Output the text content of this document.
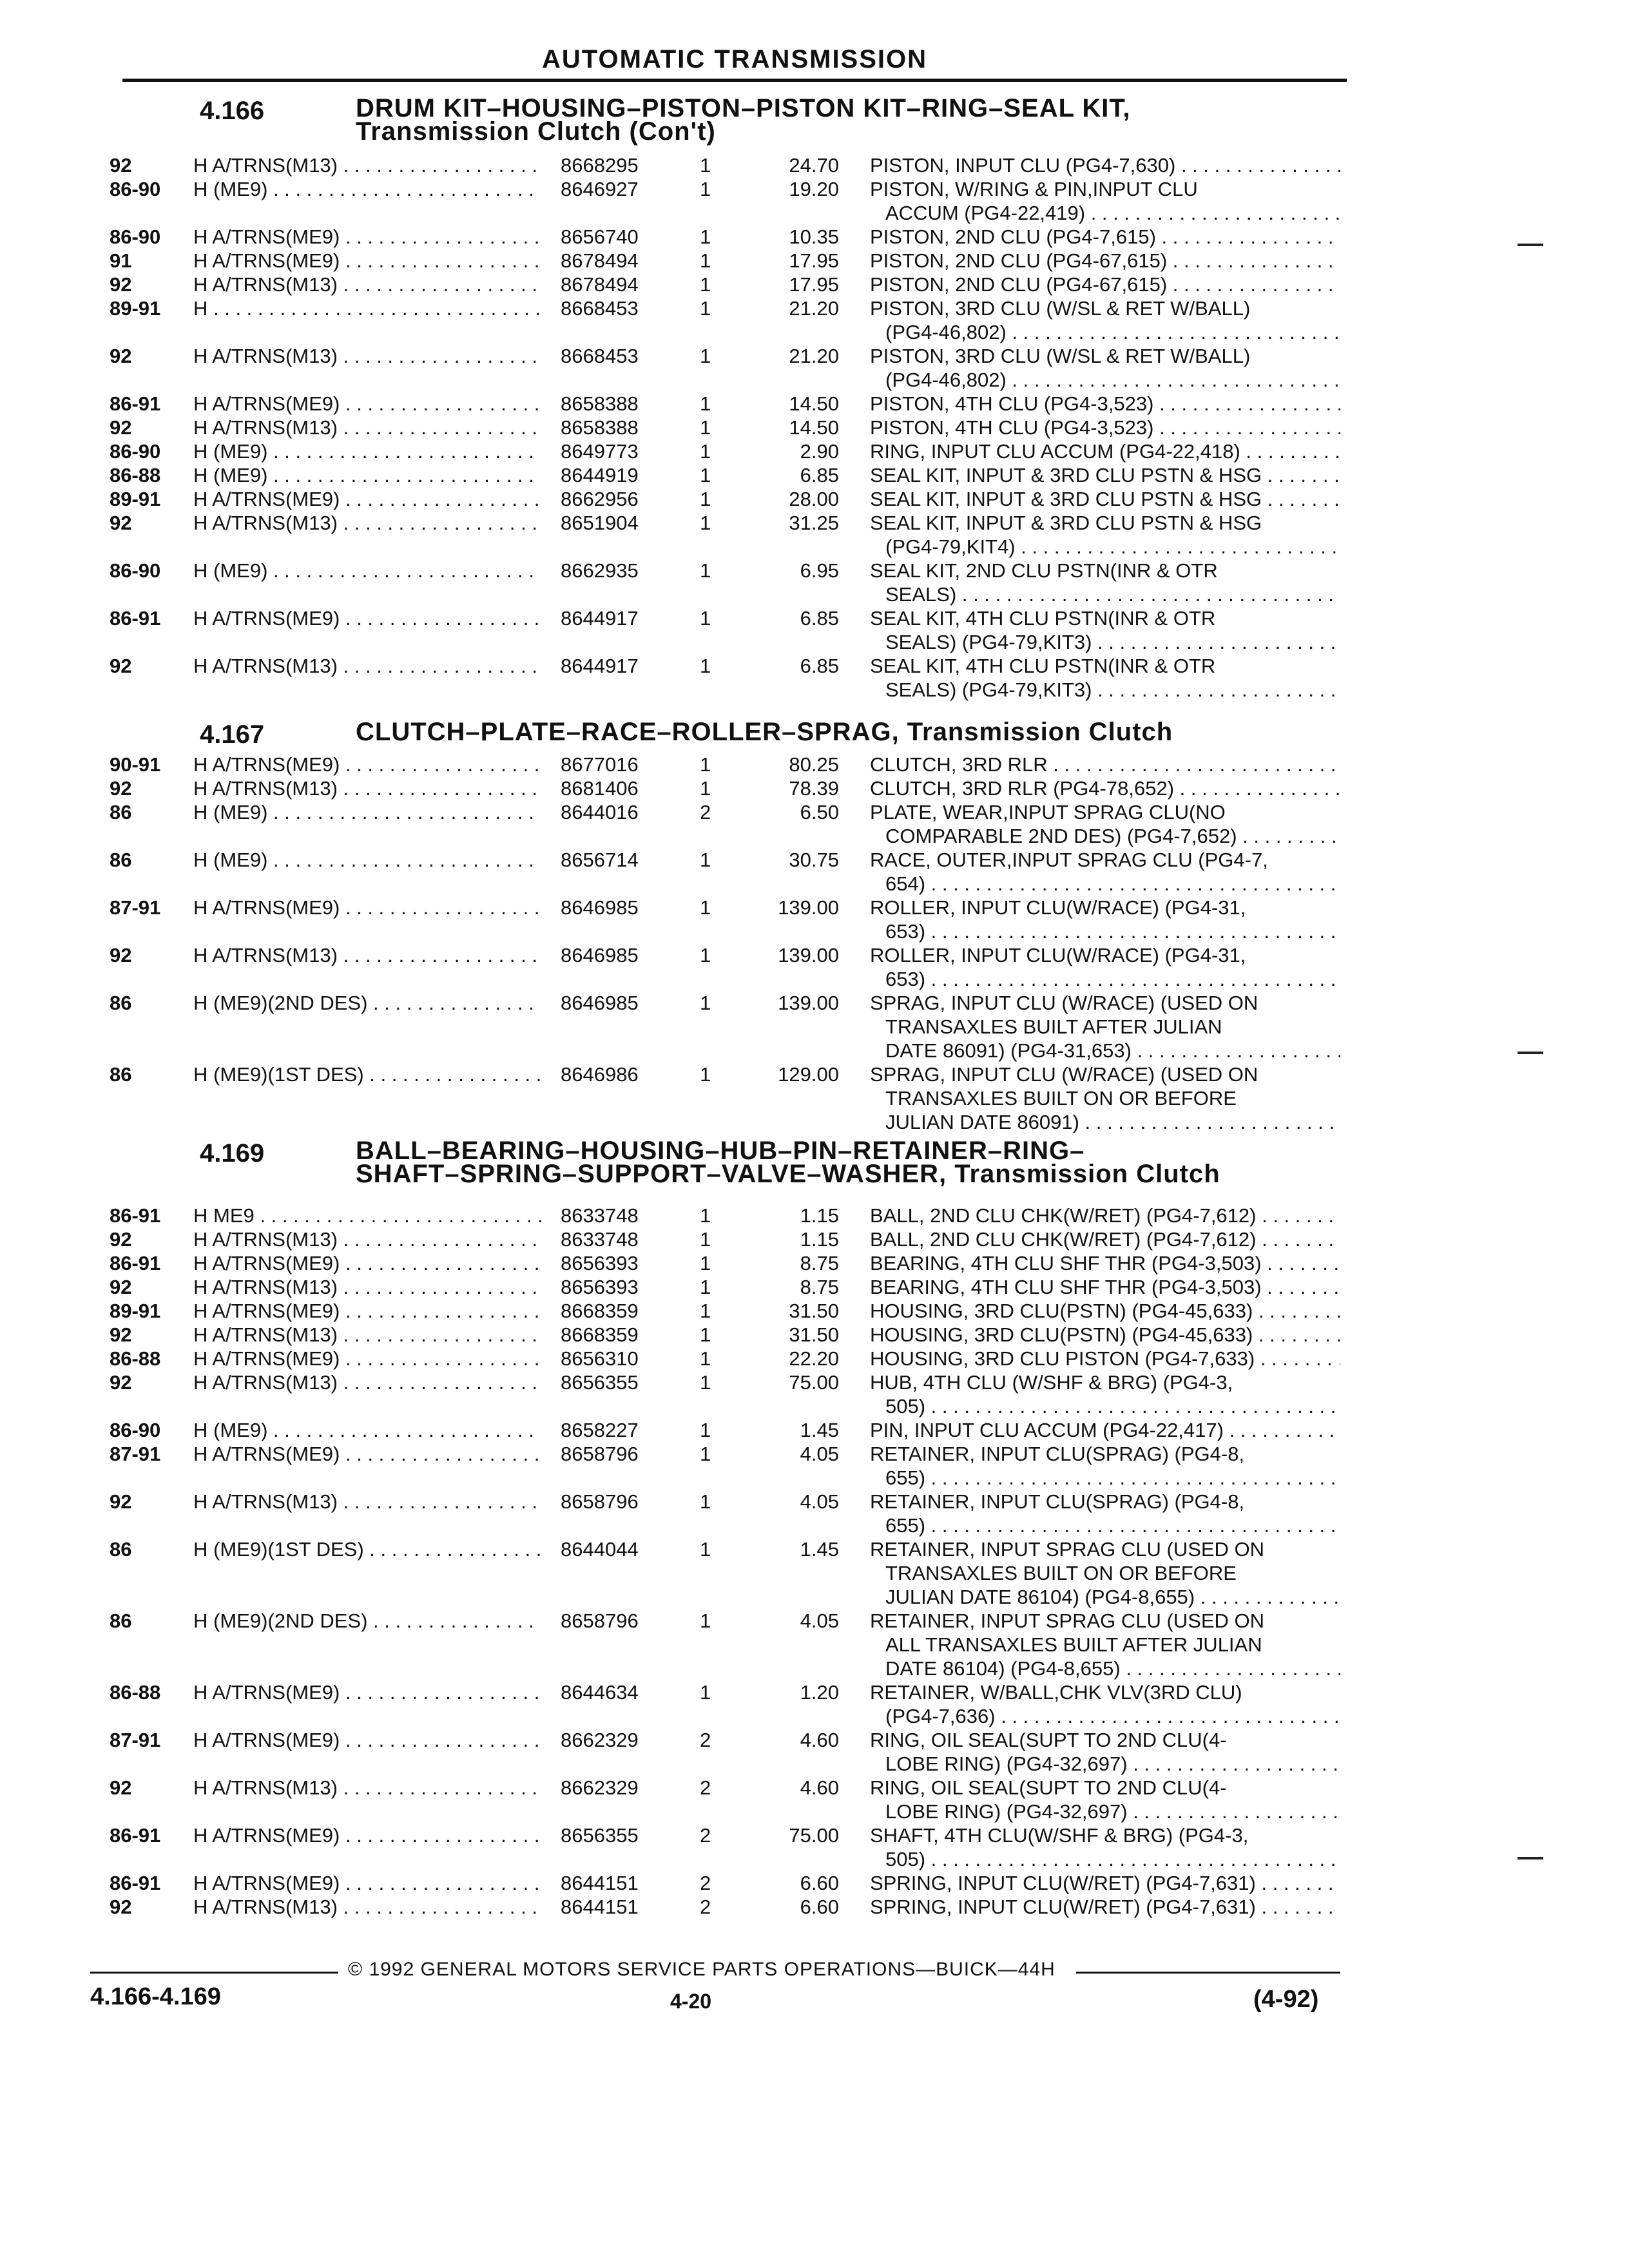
AUTOMATIC TRANSMISSION
4.166	DRUM KIT–HOUSING–PISTON–PISTON KIT–RING–SEAL KIT,
Transmission Clutch (Con't)
92	H A/TRNS(M13) . . .	8668295	1	24.70 PISTON, INPUT CLU (PG4-7,630) . . .
86-90 H (ME9) . . .	8646927	1	19.20 PISTON, W/RING & PIN,INPUT CLU
ACCUM (PG4-22,419) . . .
86-90 H A/TRNS(ME9) . . .	8656740	1	10.35 PISTON, 2ND CLU (PG4-7,615) . . .
91	H A/TRNS(ME9) . . .	8678494	1	17.95 PISTON, 2ND CLU (PG4-67,615) . . .
92	H A/TRNS(M13) . . .	8678494	1	17.95 PISTON, 2ND CLU (PG4-67,615) . . .
89-91 H . . .	8668453	1	21.20 PISTON, 3RD CLU (W/SL & RET W/BALL)
(PG4-46,802) . . .
92	H A/TRNS(M13) . . .	8668453	1	21.20 PISTON, 3RD CLU (W/SL & RET W/BALL)
(PG4-46,802) . . .
86-91 H A/TRNS(ME9) . . .	8658388	1	14.50 PISTON, 4TH CLU (PG4-3,523) . . .
92	H A/TRNS(M13) . . .	8658388	1	14.50 PISTON, 4TH CLU (PG4-3,523) . . .
86-90 H (ME9) . . .	8649773	1	2.90 RING, INPUT CLU ACCUM (PG4-22,418) . . .
86-88 H (ME9) . . .	8644919	1	6.85 SEAL KIT, INPUT & 3RD CLU PSTN & HSG . . .
89-91 H A/TRNS(ME9) . . .	8662956	1	28.00 SEAL KIT, INPUT & 3RD CLU PSTN & HSG . . .
92	H A/TRNS(M13) . . .	8651904	1	31.25 SEAL KIT, INPUT & 3RD CLU PSTN & HSG
(PG4-79,KIT4) . . .
86-90 H (ME9) . . .	8662935	1	6.95 SEAL KIT, 2ND CLU PSTN(INR & OTR
SEALS) . . .
86-91 H A/TRNS(ME9) . . .	8644917	1	6.85 SEAL KIT, 4TH CLU PSTN(INR & OTR
SEALS) (PG4-79,KIT3) . . .
92	H A/TRNS(M13) . . .	8644917	1	6.85 SEAL KIT, 4TH CLU PSTN(INR & OTR
SEALS) (PG4-79,KIT3) . . .
4.167	CLUTCH–PLATE–RACE–ROLLER–SPRAG, Transmission Clutch
90-91 H A/TRNS(ME9) . . .	8677016	1	80.25 CLUTCH, 3RD RLR . . .
92	H A/TRNS(M13) . . .	8681406	1	78.39 CLUTCH, 3RD RLR (PG4-78,652) . . .
86	H (ME9) . . .	8644016	2	6.50 PLATE, WEAR,INPUT SPRAG CLU(NO
COMPARABLE 2ND DES) (PG4-7,652) . . .
86	H (ME9) . . .	8656714	1	30.75 RACE, OUTER,INPUT SPRAG CLU (PG4-7,
654) . . .
87-91 H A/TRNS(ME9) . . .	8646985	1	139.00 ROLLER, INPUT CLU(W/RACE) (PG4-31,
653) . . .
92	H A/TRNS(M13) . . .	8646985	1	139.00 ROLLER, INPUT CLU(W/RACE) (PG4-31,
653) . . .
86	H (ME9)(2ND DES) . . .	8646985	1	139.00 SPRAG, INPUT CLU (W/RACE) (USED ON
TRANSAXLES BUILT AFTER JULIAN
DATE 86091) (PG4-31,653) . . .
86	H (ME9)(1ST DES) . . .	8646986	1	129.00 SPRAG, INPUT CLU (W/RACE) (USED ON
TRANSAXLES BUILT ON OR BEFORE
JULIAN DATE 86091) . . .
4.169	BALL–BEARING–HOUSING–HUB–PIN–RETAINER–RING–
SHAFT–SPRING–SUPPORT–VALVE–WASHER, Transmission Clutch
86-91 H ME9 . . .	8633748	1	1.15 BALL, 2ND CLU CHK(W/RET) (PG4-7,612) . . .
92	H A/TRNS(M13) . . .	8633748	1	1.15 BALL, 2ND CLU CHK(W/RET) (PG4-7,612) . . .
86-91 H A/TRNS(ME9) . . .	8656393	1	8.75 BEARING, 4TH CLU SHF THR (PG4-3,503) . . .
92	H A/TRNS(M13) . . .	8656393	1	8.75 BEARING, 4TH CLU SHF THR (PG4-3,503) . . .
89-91 H A/TRNS(ME9) . . .	8668359	1	31.50 HOUSING, 3RD CLU(PSTN) (PG4-45,633) . . .
92	H A/TRNS(M13) . . .	8668359	1	31.50 HOUSING, 3RD CLU(PSTN) (PG4-45,633) . . .
86-88 H A/TRNS(ME9) . . .	8656310	1	22.20 HOUSING, 3RD CLU PISTON (PG4-7,633) . . .
92	H A/TRNS(M13) . . .	8656355	1	75.00 HUB, 4TH CLU (W/SHF & BRG) (PG4-3,
505) . . .
86-90 H (ME9) . . .	8658227	1	1.45 PIN, INPUT CLU ACCUM (PG4-22,417) . . .
87-91 H A/TRNS(ME9) . . .	8658796	1	4.05 RETAINER, INPUT CLU(SPRAG) (PG4-8,
655) . . .
92	H A/TRNS(M13) . . .	8658796	1	4.05 RETAINER, INPUT CLU(SPRAG) (PG4-8,
655) . . .
86	H (ME9)(1ST DES) . . .	8644044	1	1.45 RETAINER, INPUT SPRAG CLU (USED ON
TRANSAXLES BUILT ON OR BEFORE
JULIAN DATE 86104) (PG4-8,655) . . .
86	H (ME9)(2ND DES) . . .	8658796	1	4.05 RETAINER, INPUT SPRAG CLU (USED ON
ALL TRANSAXLES BUILT AFTER JULIAN
DATE 86104) (PG4-8,655) . . .
86-88 H A/TRNS(ME9) . . .	8644634	1	1.20 RETAINER, W/BALL,CHK VLV(3RD CLU)
(PG4-7,636) . . .
87-91 H A/TRNS(ME9) . . .	8662329	2	4.60 RING, OIL SEAL(SUPT TO 2ND CLU(4-
LOBE RING) (PG4-32,697) . . .
92	H A/TRNS(M13) . . .	8662329	2	4.60 RING, OIL SEAL(SUPT TO 2ND CLU(4-
LOBE RING) (PG4-32,697) . . .
86-91 H A/TRNS(ME9) . . .	8656355	2	75.00 SHAFT, 4TH CLU(W/SHF & BRG) (PG4-3,
505) . . .
86-91 H A/TRNS(ME9) . . .	8644151	2	6.60 SPRING, INPUT CLU(W/RET) (PG4-7,631) . . .
92	H A/TRNS(M13) . . .	8644151	2	6.60 SPRING, INPUT CLU(W/RET) (PG4-7,631) . . .
© 1992 GENERAL MOTORS SERVICE PARTS OPERATIONS—BUICK—44H
4.166-4.169	4-20	(4-92)
